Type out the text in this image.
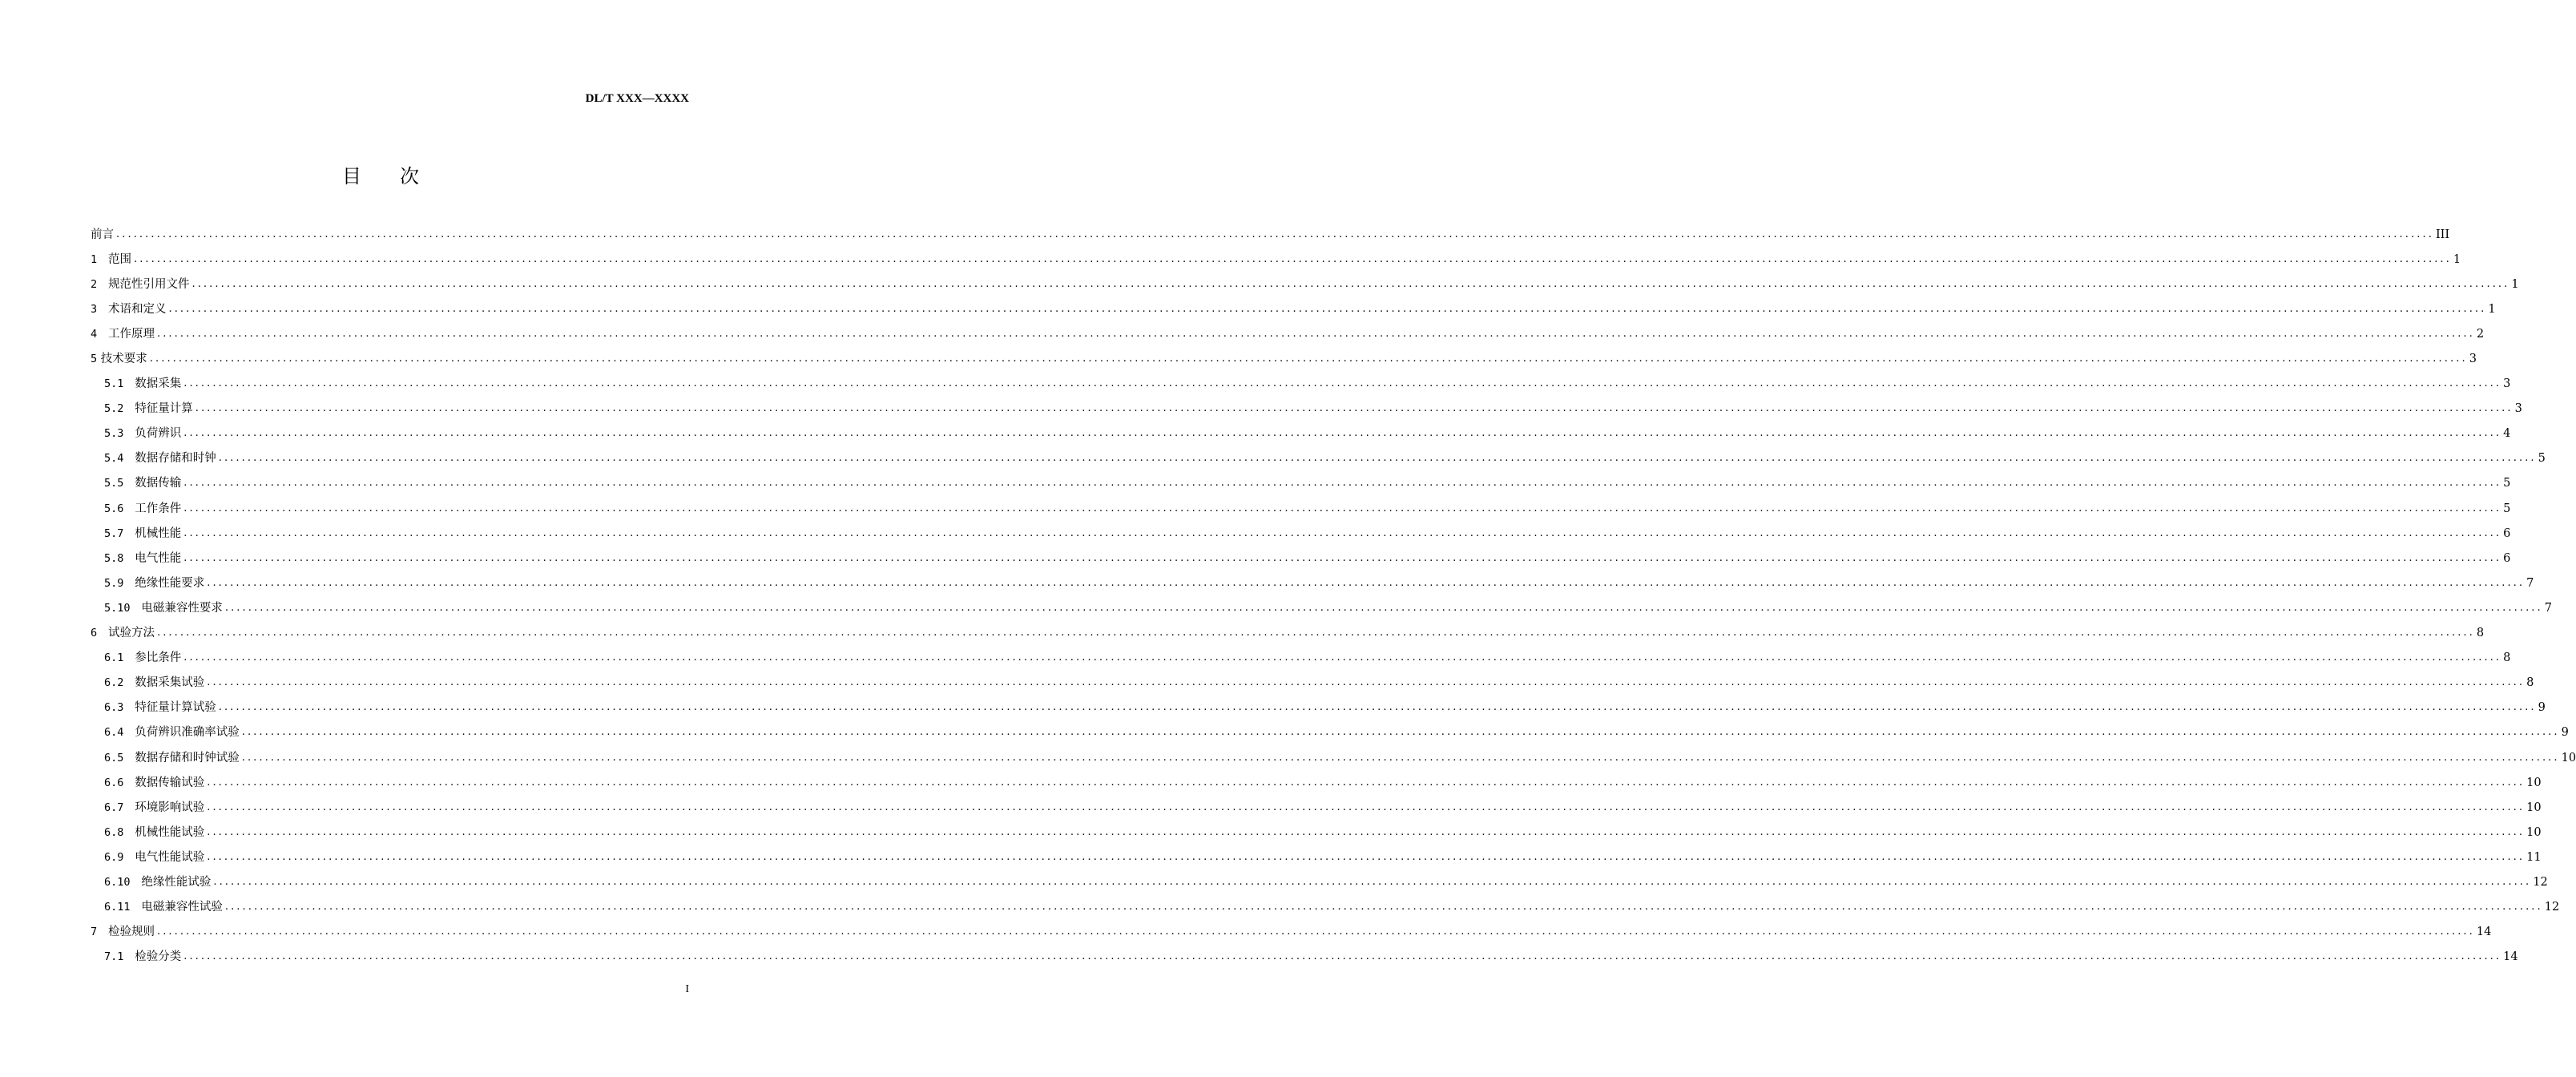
DL/T XXX—XXXX
目次
前言 ................................................................................................................................................................................................................................................................................................................................................................................................................ III
1 范围 ................................................................................................................................................................................................................................................................................................................................................................................................................ 1
2 规范性引用文件 ................................................................................................................................................................................................................................................................................................................................................................................................................ 1
3 术语和定义 ................................................................................................................................................................................................................................................................................................................................................................................................................ 1
4 工作原理 ................................................................................................................................................................................................................................................................................................................................................................................................................ 2
5 技术要求 ................................................................................................................................................................................................................................................................................................................................................................................................................ 3
5.1 数据采集 ................................................................................................................................................................................................................................................................................................................................................................................................................ 3
5.2 特征量计算 ................................................................................................................................................................................................................................................................................................................................................................................................................ 3
5.3 负荷辨识 ................................................................................................................................................................................................................................................................................................................................................................................................................ 4
5.4 数据存储和时钟 ................................................................................................................................................................................................................................................................................................................................................................................................................ 5
5.5 数据传输 ................................................................................................................................................................................................................................................................................................................................................................................................................ 5
5.6 工作条件 ................................................................................................................................................................................................................................................................................................................................................................................................................ 5
5.7 机械性能 ................................................................................................................................................................................................................................................................................................................................................................................................................ 6
5.8 电气性能 ................................................................................................................................................................................................................................................................................................................................................................................................................ 6
5.9 绝缘性能要求 ................................................................................................................................................................................................................................................................................................................................................................................................................ 7
5.10 电磁兼容性要求 ................................................................................................................................................................................................................................................................................................................................................................................................................ 7
6 试验方法 ................................................................................................................................................................................................................................................................................................................................................................................................................ 8
6.1 参比条件 ................................................................................................................................................................................................................................................................................................................................................................................................................ 8
6.2 数据采集试验 ................................................................................................................................................................................................................................................................................................................................................................................................................ 8
6.3 特征量计算试验 ................................................................................................................................................................................................................................................................................................................................................................................................................ 9
6.4 负荷辨识准确率试验 ................................................................................................................................................................................................................................................................................................................................................................................................................ 9
6.5 数据存储和时钟试验 ................................................................................................................................................................................................................................................................................................................................................................................................................ 10
6.6 数据传输试验 ................................................................................................................................................................................................................................................................................................................................................................................................................ 10
6.7 环境影响试验 ................................................................................................................................................................................................................................................................................................................................................................................................................ 10
6.8 机械性能试验 ................................................................................................................................................................................................................................................................................................................................................................................................................ 10
6.9 电气性能试验 ................................................................................................................................................................................................................................................................................................................................................................................................................ 11
6.10 绝缘性能试验 ................................................................................................................................................................................................................................................................................................................................................................................................................ 12
6.11 电磁兼容性试验 ................................................................................................................................................................................................................................................................................................................................................................................................................ 12
7 检验规则 ................................................................................................................................................................................................................................................................................................................................................................................................................ 14
7.1 检验分类 ................................................................................................................................................................................................................................................................................................................................................................................................................ 14
I
